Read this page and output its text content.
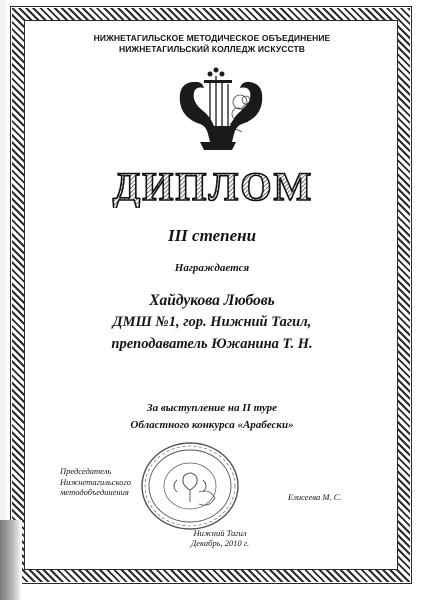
НИЖНЕТАГИЛЬСКОЕ МЕТОДИЧЕСКОЕ ОБЪЕДИНЕНИЕ
НИЖНЕТАГИЛЬСКИЙ КОЛЛЕДЖ ИСКУССТВ
ДИПЛОМ
III степени
Награждается
Хайдукова Любовь
ДМШ №1, гор. Нижний Тагил,
преподаватель Южанина Т. Н.
За выступление на II туре
Областного конкурса «Арабески»
Председатель
Нижнетагильского
методобъединения	Елисеева М. С.
Нижний Тагил
Декабрь, 2010 г.
